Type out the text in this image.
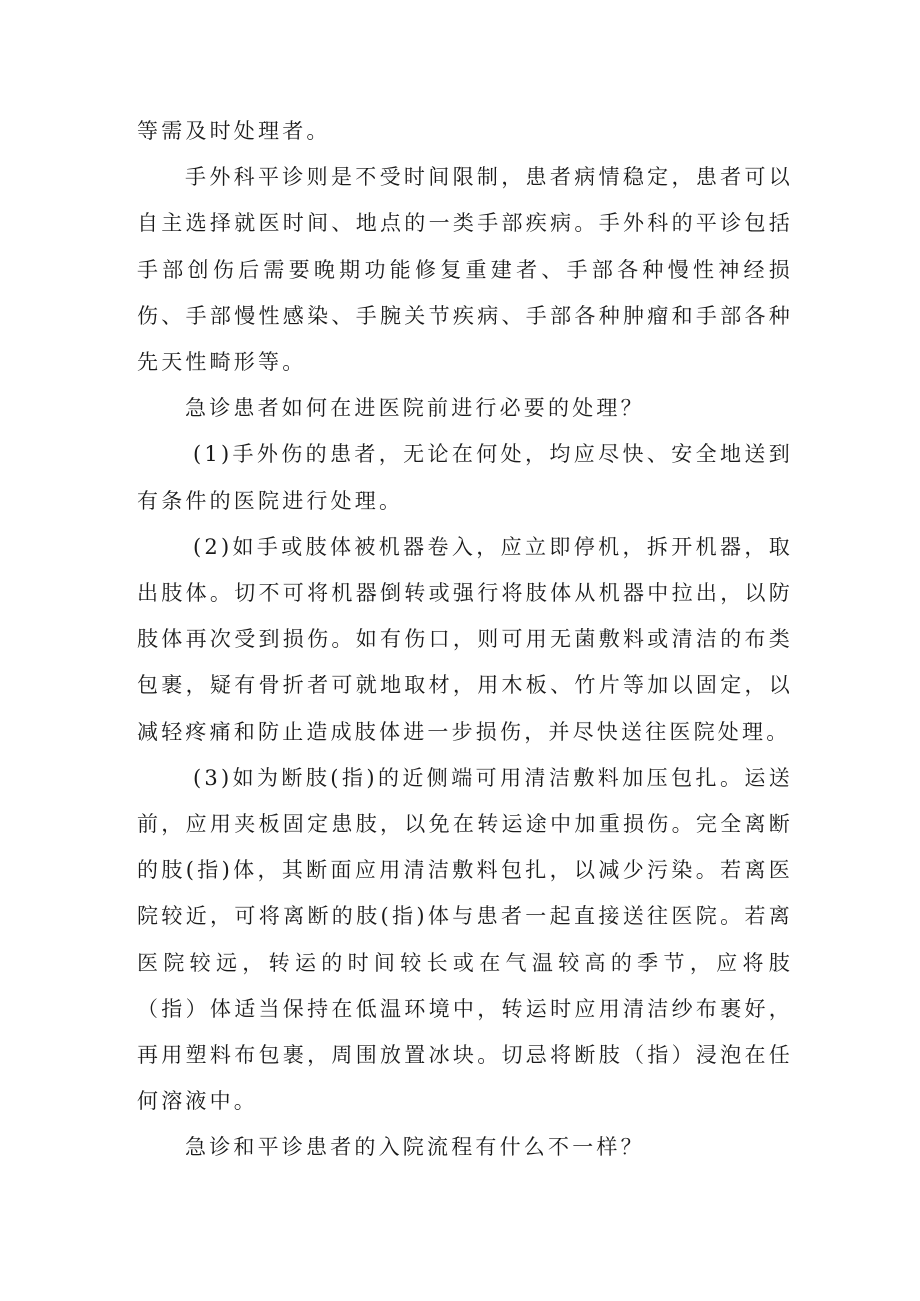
等需及时处理者。

手外科平诊则是不受时间限制，患者病情稳定，患者可以自主选择就医时间、地点的一类手部疾病。手外科的平诊包括手部创伤后需要晚期功能修复重建者、手部各种慢性神经损伤、手部慢性感染、手腕关节疾病、手部各种肿瘤和手部各种先天性畸形等。

急诊患者如何在进医院前进行必要的处理？

(1)手外伤的患者，无论在何处，均应尽快、安全地送到有条件的医院进行处理。

(2)如手或肢体被机器卷入，应立即停机，拆开机器，取出肢体。切不可将机器倒转或强行将肢体从机器中拉出，以防肢体再次受到损伤。如有伤口，则可用无菌敷料或清洁的布类包裹，疑有骨折者可就地取材，用木板、竹片等加以固定，以减轻疼痛和防止造成肢体进一步损伤，并尽快送往医院处理。

(3)如为断肢(指)的近侧端可用清洁敷料加压包扎。运送前，应用夹板固定患肢，以免在转运途中加重损伤。完全离断的肢(指)体，其断面应用清洁敷料包扎，以减少污染。若离医院较近，可将离断的肢(指)体与患者一起直接送往医院。若离医院较远，转运的时间较长或在气温较高的季节，应将肢（指）体适当保持在低温环境中，转运时应用清洁纱布裹好，再用塑料布包裹，周围放置冰块。切忌将断肢（指）浸泡在任何溶液中。

急诊和平诊患者的入院流程有什么不一样？
